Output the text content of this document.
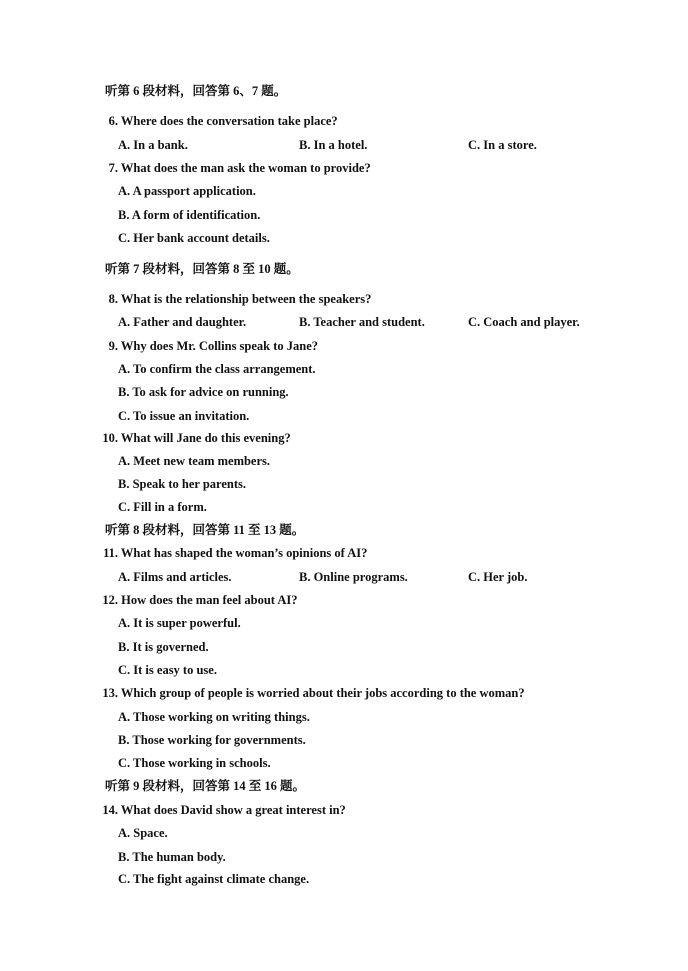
听第 6 段材料，回答第 6、7 题。
6. Where does the conversation take place?
A. In a bank.	B. In a hotel.	C. In a store.
7. What does the man ask the woman to provide?
A. A passport application.
B. A form of identification.
C. Her bank account details.
听第 7 段材料，回答第 8 至 10 题。
8. What is the relationship between the speakers?
A. Father and daughter.	B. Teacher and student.	C. Coach and player.
9. Why does Mr. Collins speak to Jane?
A. To confirm the class arrangement.
B. To ask for advice on running.
C. To issue an invitation.
10. What will Jane do this evening?
A. Meet new team members.
B. Speak to her parents.
C. Fill in a form.
听第 8 段材料，回答第 11 至 13 题。
11. What has shaped the woman’s opinions of AI?
A. Films and articles.	B. Online programs.	C. Her job.
12. How does the man feel about AI?
A. It is super powerful.
B. It is governed.
C. It is easy to use.
13. Which group of people is worried about their jobs according to the woman?
A. Those working on writing things.
B. Those working for governments.
C. Those working in schools.
听第 9 段材料，回答第 14 至 16 题。
14. What does David show a great interest in?
A. Space.
B. The human body.
C. The fight against climate change.
